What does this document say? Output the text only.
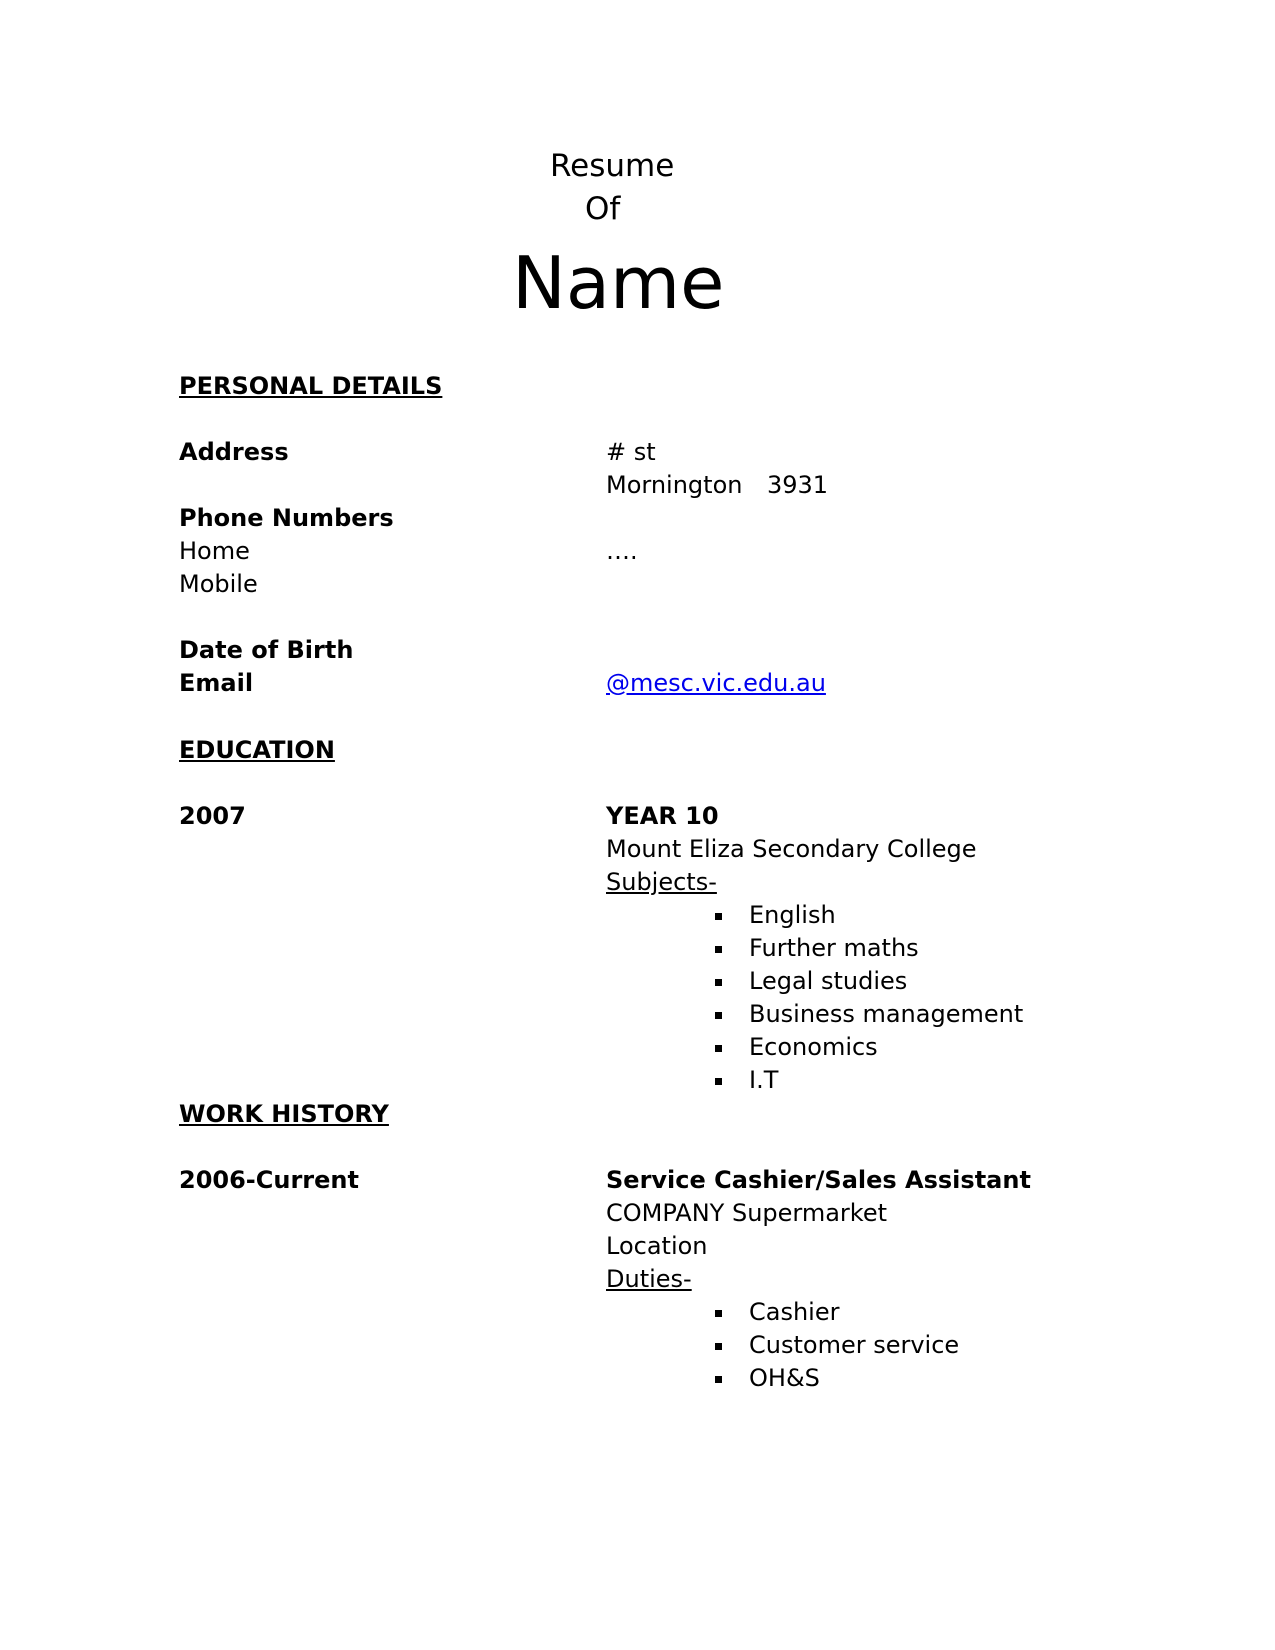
Resume
Of
Name
PERSONAL DETAILS
Address	# st
Mornington 3931
Phone Numbers
Home	….
Mobile
Date of Birth
Email	@mesc.vic.edu.au
EDUCATION
2007	YEAR 10
Mount Eliza Secondary College
Subjects-
English
Further maths
Legal studies
Business management
Economics
I.T
WORK HISTORY
2006-Current	Service Cashier/Sales Assistant
COMPANY Supermarket
Location
Duties-
Cashier
Customer service
OH&S
